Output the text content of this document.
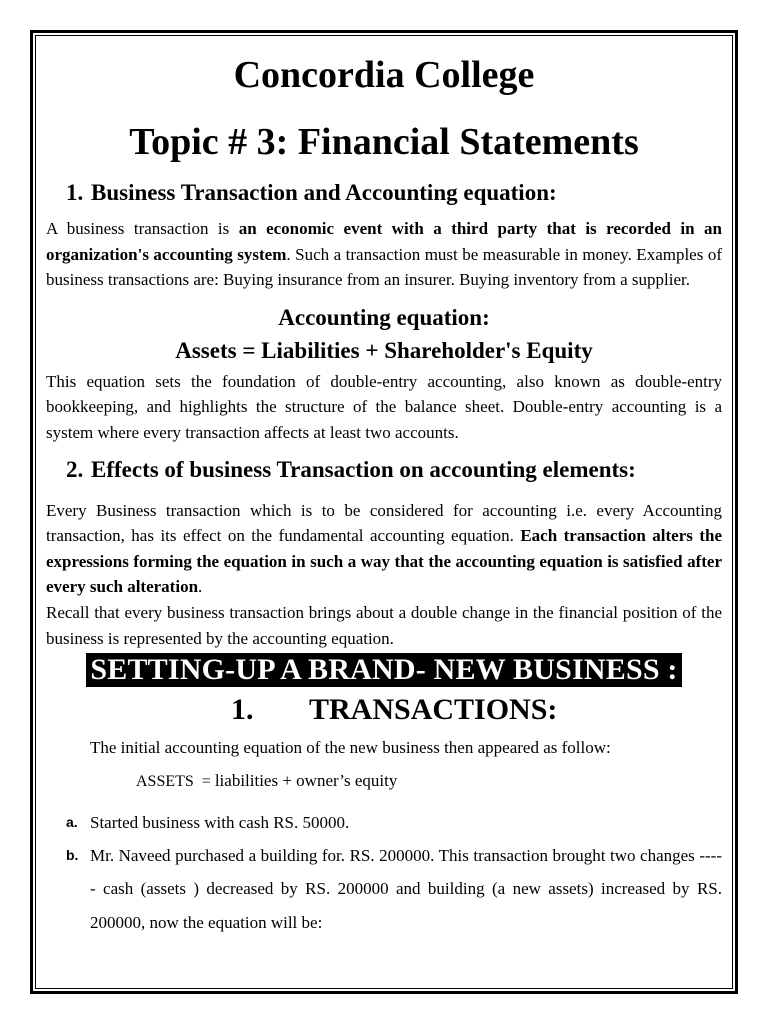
Concordia College
Topic # 3: Financial Statements
1. Business Transaction and Accounting equation:

A business transaction is an economic event with a third party that is recorded in an organization's accounting system. Such a transaction must be measurable in money. Examples of business transactions are: Buying insurance from an insurer. Buying inventory from a supplier.

Accounting equation:
Assets = Liabilities + Shareholder's Equity

This equation sets the foundation of double-entry accounting, also known as double-entry bookkeeping, and highlights the structure of the balance sheet. Double-entry accounting is a system where every transaction affects at least two accounts.

2. Effects of business Transaction on accounting elements:

Every Business transaction which is to be considered for accounting i.e. every Accounting transaction, has its effect on the fundamental accounting equation. Each transaction alters the expressions forming the equation in such a way that the accounting equation is satisfied after every such alteration.

Recall that every business transaction brings about a double change in the financial position of the business is represented by the accounting equation.

SETTING-UP A BRAND- NEW BUSINESS :
1.	TRANSACTIONS:
The initial accounting equation of the new business then appeared as follow:
ASSETS  = liabilities + owner’s equity
a. Started business with cash RS. 50000.
b. Mr. Naveed purchased a building for. RS. 200000. This transaction brought two changes ----- cash (assets ) decreased by RS. 200000 and building (a new assets) increased by RS. 200000, now the equation will be:
